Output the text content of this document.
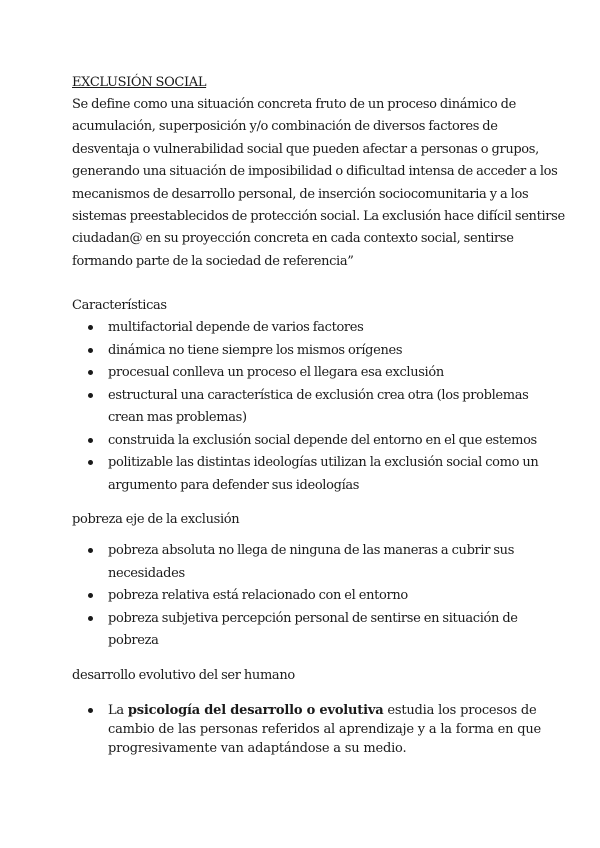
EXCLUSIÓN SOCIAL

Se define como una situación concreta fruto de un proceso dinámico de
acumulación, superposición y/o combinación de diversos factores de
desventaja o vulnerabilidad social que pueden afectar a personas o grupos,
generando una situación de imposibilidad o dificultad intensa de acceder a los
mecanismos de desarrollo personal, de inserción sociocomunitaria y a los
sistemas preestablecidos de protección social. La exclusión hace difícil sentirse
ciudadan@ en su proyección concreta en cada contexto social, sentirse
formando parte de la sociedad de referencia”

Características
multifactorial depende de varios factores
dinámica no tiene siempre los mismos orígenes
procesual conlleva un proceso el llegara esa exclusión
estructural una característica de exclusión crea otra (los problemas
crean mas problemas)
construida la exclusión social depende del entorno en el que estemos
politizable las distintas ideologías utilizan la exclusión social como un
argumento para defender sus ideologías
pobreza eje de la exclusión
pobreza absoluta no llega de ninguna de las maneras a cubrir sus
necesidades
pobreza relativa está relacionado con el entorno
pobreza subjetiva percepción personal de sentirse en situación de
pobreza
desarrollo evolutivo del ser humano
La psicología del desarrollo o evolutiva estudia los procesos de
cambio de las personas referidos al aprendizaje y a la forma en que
progresivamente van adaptándose a su medio.
